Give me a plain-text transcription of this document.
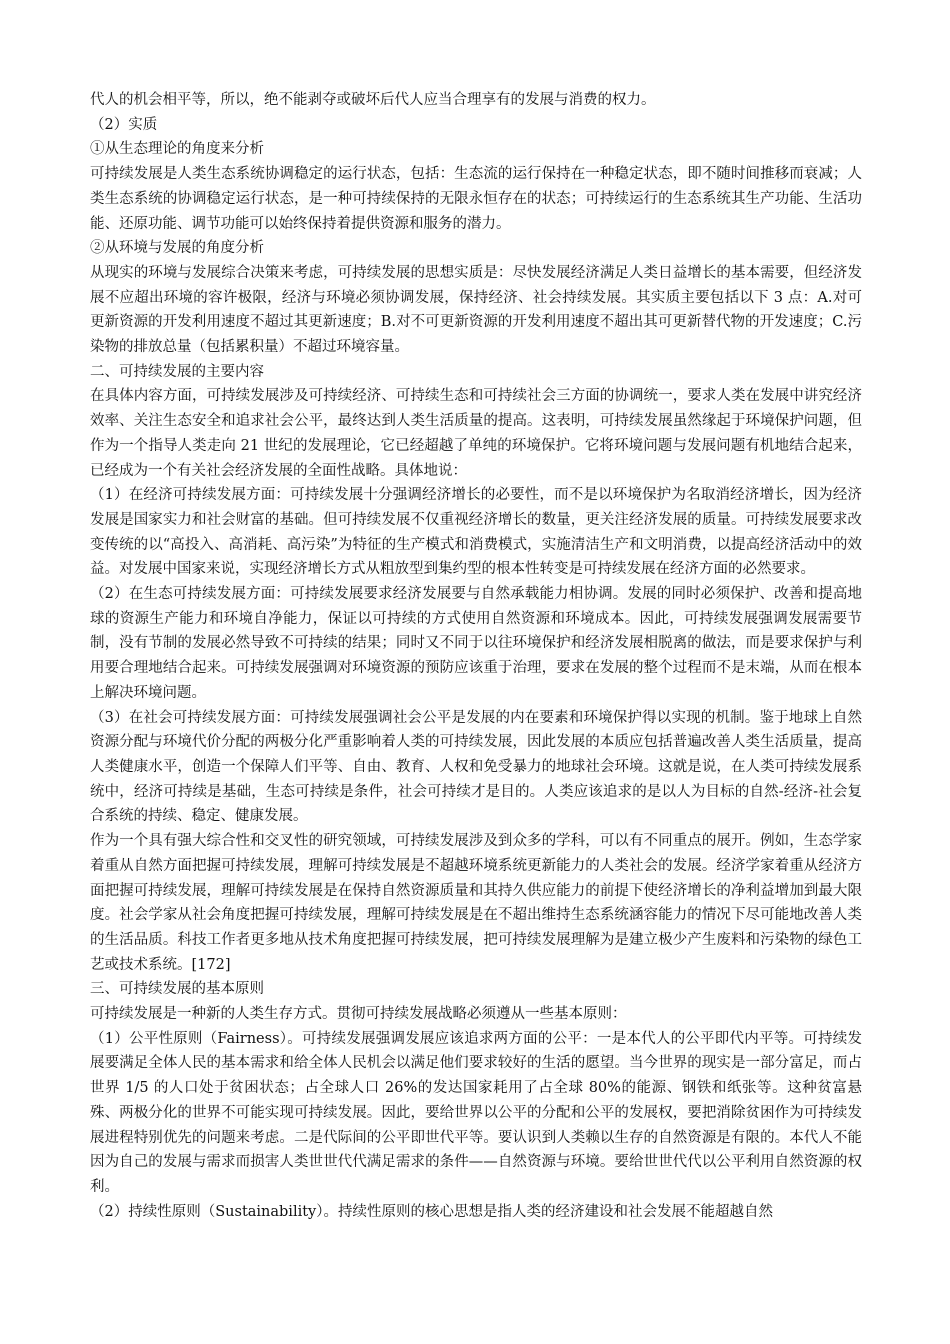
代人的机会相平等，所以，绝不能剥夺或破坏后代人应当合理享有的发展与消费的权力。

（2）实质

①从生态理论的角度来分析

可持续发展是人类生态系统协调稳定的运行状态，包括：生态流的运行保持在一种稳定状态，即不随时间推移而衰减；人类生态系统的协调稳定运行状态，是一种可持续保持的无限永恒存在的状态；可持续运行的生态系统其生产功能、生活功能、还原功能、调节功能可以始终保持着提供资源和服务的潜力。

②从环境与发展的角度分析

从现实的环境与发展综合决策来考虑，可持续发展的思想实质是：尽快发展经济满足人类日益增长的基本需要，但经济发展不应超出环境的容许极限，经济与环境必须协调发展，保持经济、社会持续发展。其实质主要包括以下 3 点：A.对可更新资源的开发利用速度不超过其更新速度；B.对不可更新资源的开发利用速度不超出其可更新替代物的开发速度；C.污染物的排放总量（包括累积量）不超过环境容量。

二、可持续发展的主要内容

在具体内容方面，可持续发展涉及可持续经济、可持续生态和可持续社会三方面的协调统一，要求人类在发展中讲究经济效率、关注生态安全和追求社会公平，最终达到人类生活质量的提高。这表明，可持续发展虽然缘起于环境保护问题，但作为一个指导人类走向 21 世纪的发展理论，它已经超越了单纯的环境保护。它将环境问题与发展问题有机地结合起来，已经成为一个有关社会经济发展的全面性战略。具体地说：

（1）在经济可持续发展方面：可持续发展十分强调经济增长的必要性，而不是以环境保护为名取消经济增长，因为经济发展是国家实力和社会财富的基础。但可持续发展不仅重视经济增长的数量，更关注经济发展的质量。可持续发展要求改变传统的以“高投入、高消耗、高污染”为特征的生产模式和消费模式，实施清洁生产和文明消费，以提高经济活动中的效益。对发展中国家来说，实现经济增长方式从粗放型到集约型的根本性转变是可持续发展在经济方面的必然要求。

（2）在生态可持续发展方面：可持续发展要求经济发展要与自然承载能力相协调。发展的同时必须保护、改善和提高地球的资源生产能力和环境自净能力，保证以可持续的方式使用自然资源和环境成本。因此，可持续发展强调发展需要节制，没有节制的发展必然导致不可持续的结果；同时又不同于以往环境保护和经济发展相脱离的做法，而是要求保护与利用要合理地结合起来。可持续发展强调对环境资源的预防应该重于治理，要求在发展的整个过程而不是末端，从而在根本上解决环境问题。

（3）在社会可持续发展方面：可持续发展强调社会公平是发展的内在要素和环境保护得以实现的机制。鉴于地球上自然资源分配与环境代价分配的两极分化严重影响着人类的可持续发展，因此发展的本质应包括普遍改善人类生活质量，提高人类健康水平，创造一个保障人们平等、自由、教育、人权和免受暴力的地球社会环境。这就是说，在人类可持续发展系统中，经济可持续是基础，生态可持续是条件，社会可持续才是目的。人类应该追求的是以人为目标的自然-经济-社会复合系统的持续、稳定、健康发展。

作为一个具有强大综合性和交叉性的研究领域，可持续发展涉及到众多的学科，可以有不同重点的展开。例如，生态学家着重从自然方面把握可持续发展，理解可持续发展是不超越环境系统更新能力的人类社会的发展。经济学家着重从经济方面把握可持续发展，理解可持续发展是在保持自然资源质量和其持久供应能力的前提下使经济增长的净利益增加到最大限度。社会学家从社会角度把握可持续发展，理解可持续发展是在不超出维持生态系统涵容能力的情况下尽可能地改善人类的生活品质。科技工作者更多地从技术角度把握可持续发展，把可持续发展理解为是建立极少产生废料和污染物的绿色工艺或技术系统。[172]

三、可持续发展的基本原则

可持续发展是一种新的人类生存方式。贯彻可持续发展战略必须遵从一些基本原则：

（1）公平性原则（Fairness）。可持续发展强调发展应该追求两方面的公平：一是本代人的公平即代内平等。可持续发展要满足全体人民的基本需求和给全体人民机会以满足他们要求较好的生活的愿望。当今世界的现实是一部分富足，而占世界 1/5 的人口处于贫困状态；占全球人口 26%的发达国家耗用了占全球 80%的能源、钢铁和纸张等。这种贫富悬殊、两极分化的世界不可能实现可持续发展。因此，要给世界以公平的分配和公平的发展权，要把消除贫困作为可持续发展进程特别优先的问题来考虑。二是代际间的公平即世代平等。要认识到人类赖以生存的自然资源是有限的。本代人不能因为自己的发展与需求而损害人类世世代代满足需求的条件——自然资源与环境。要给世世代代以公平利用自然资源的权利。

（2）持续性原则（Sustainability）。持续性原则的核心思想是指人类的经济建设和社会发展不能超越自然
